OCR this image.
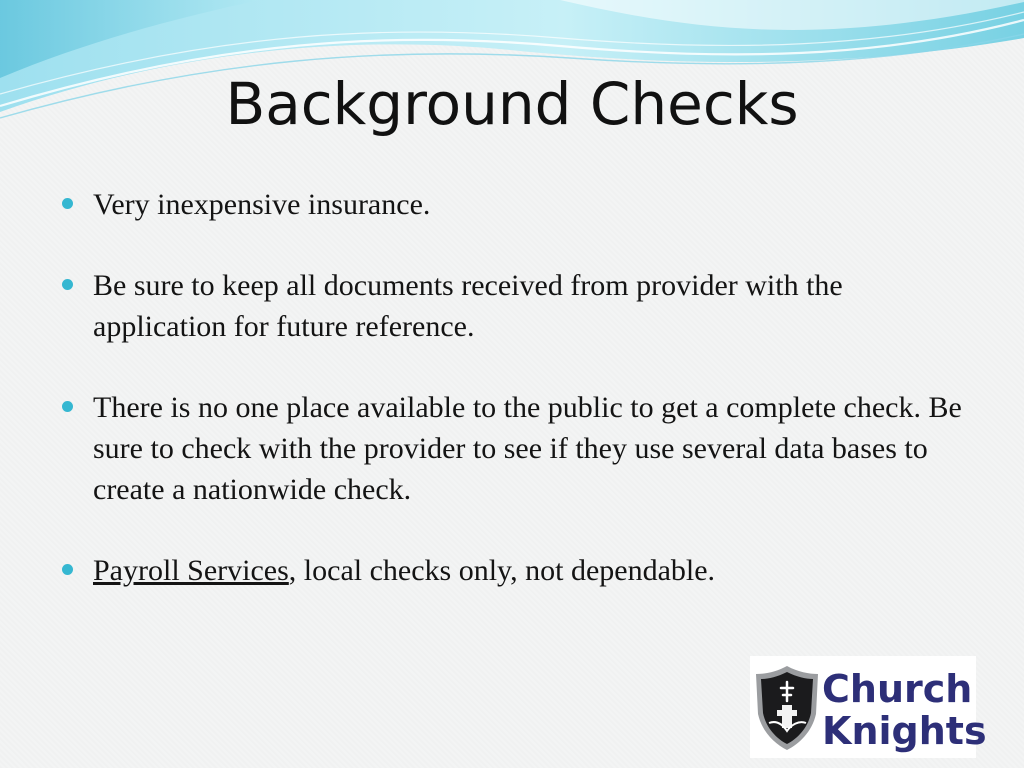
Background Checks
Very inexpensive insurance.
Be sure to keep all documents received from provider with the application for future reference.
There is no one place available to the public to get a complete check. Be sure to check with the provider to see if they use several data bases to create a nationwide check.
Payroll Services, local checks only, not dependable.
Church
Knights
